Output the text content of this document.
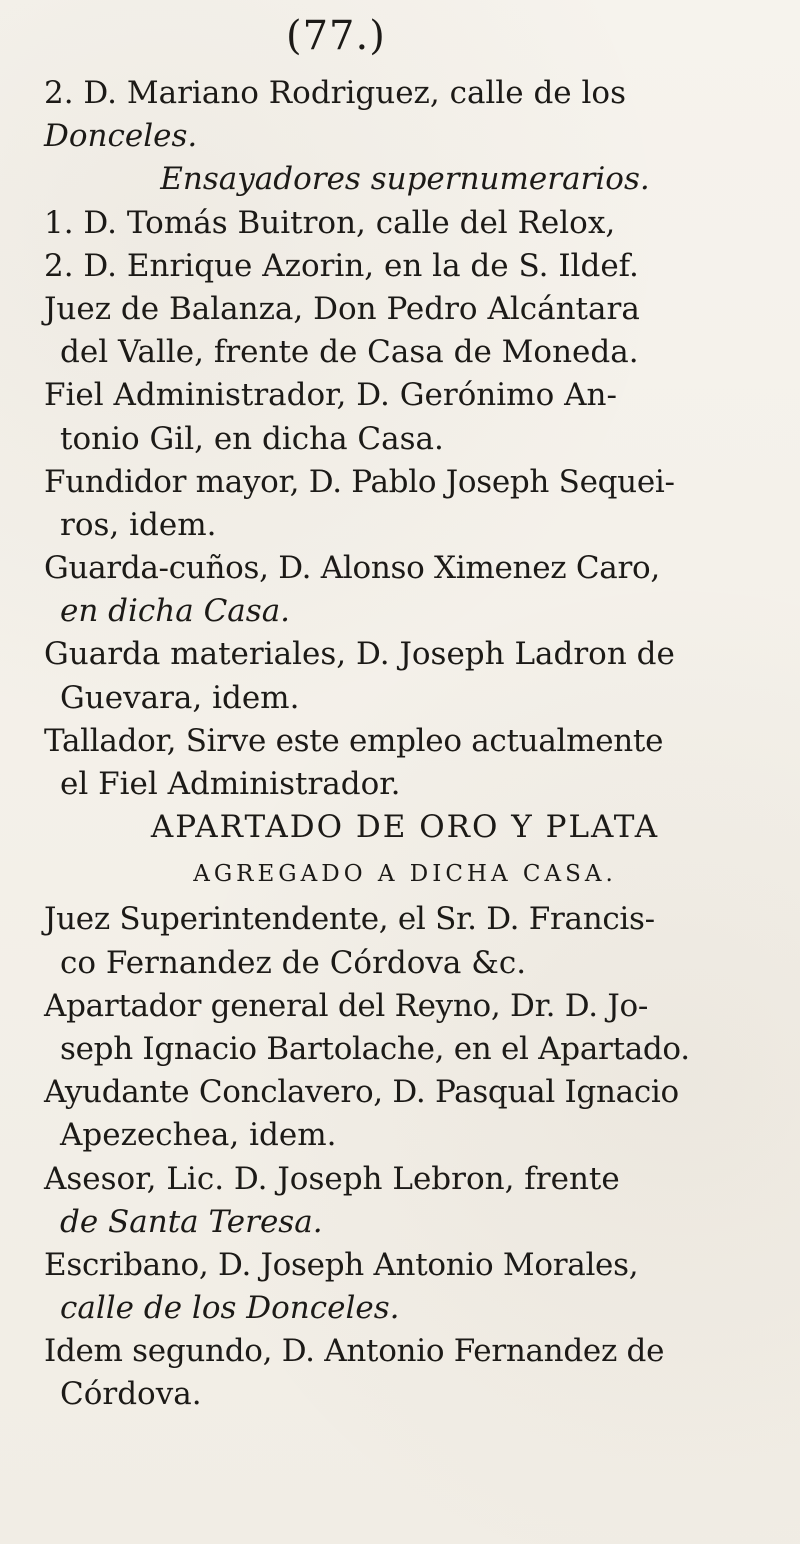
(77.)
2. D. Mariano Rodriguez, calle de los
Donceles.
Ensayadores supernumerarios.
1. D. Tomás Buitron, calle del Relox,
2. D. Enrique Azorin, en la de S. Ildef.
Juez de Balanza, Don Pedro Alcántara
del Valle, frente de Casa de Moneda.
Fiel Administrador, D. Gerónimo An-
tonio Gil, en dicha Casa.
Fundidor mayor, D. Pablo Joseph Sequei-
ros, idem.
Guarda-cuños, D. Alonso Ximenez Caro,
en dicha Casa.
Guarda materiales, D. Joseph Ladron de
Guevara, idem.
Tallador, Sirve este empleo actualmente
el Fiel Administrador.
APARTADO DE ORO Y PLATA
AGREGADO A DICHA CASA.
Juez Superintendente, el Sr. D. Francis-
co Fernandez de Córdova &c.
Apartador general del Reyno, Dr. D. Jo-
seph Ignacio Bartolache, en el Apartado.
Ayudante Conclavero, D. Pasqual Ignacio
Apezechea, idem.
Asesor, Lic. D. Joseph Lebron, frente
de Santa Teresa.
Escribano, D. Joseph Antonio Morales,
calle de los Donceles.
Idem segundo, D. Antonio Fernandez de
Córdova.
